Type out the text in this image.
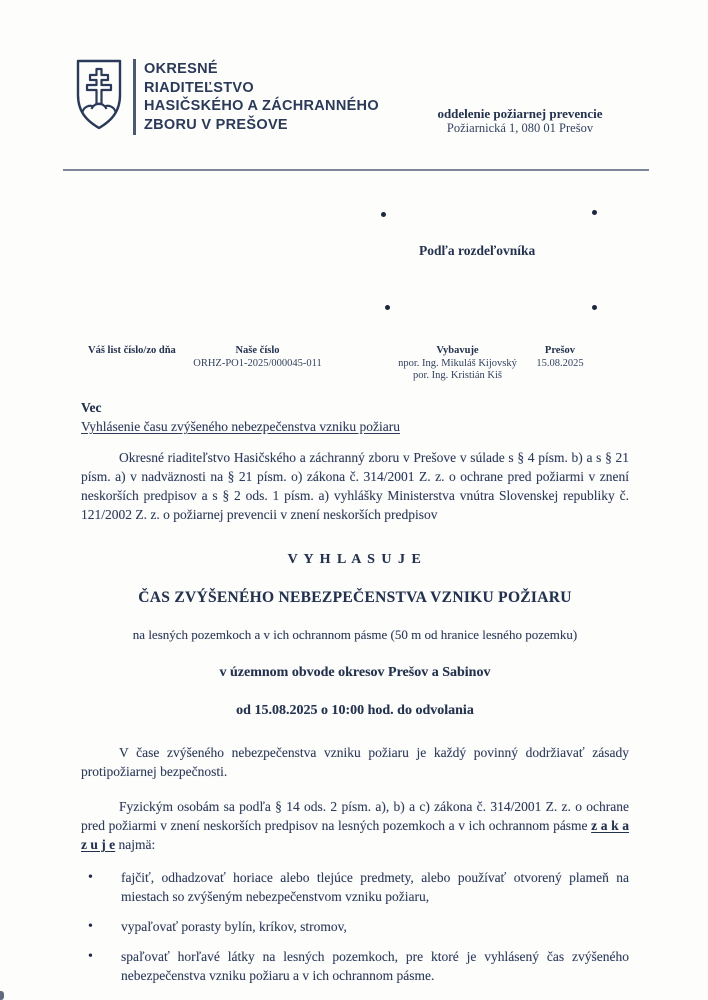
OKRESNÉ
RIADITEĽSTVO
HASIČSKÉHO A ZÁCHRANNÉHO
ZBORU V PREŠOVE
oddelenie požiarnej prevencie
Požiarnická 1, 080 01 Prešov
Podľa rozdeľovníka
Váš list číslo/zo dňa	Naše číslo
ORHZ-PO1-2025/000045-011
Vybavuje
npor. Ing. Mikuláš Kijovský
por. Ing. Kristián Kiš
Prešov
15.08.2025
Vec
Vyhlásenie času zvýšeného nebezpečenstva vzniku požiaru

Okresné riaditeľstvo Hasičského a záchranný zboru v Prešove v súlade s § 4 písm. b) a s § 21 písm. a) v nadväznosti na § 21 písm. o) zákona č. 314/2001 Z. z. o ochrane pred požiarmi v znení neskorších predpisov a s § 2 ods. 1 písm. a) vyhlášky Ministerstva vnútra Slovenskej republiky č. 121/2002 Z. z. o požiarnej prevencii v znení neskorších predpisov

V Y H L A S U J E

ČAS ZVÝŠENÉHO NEBEZPEČENSTVA VZNIKU POŽIARU

na lesných pozemkoch a v ich ochrannom pásme (50 m od hranice lesného pozemku)

v územnom obvode okresov Prešov a Sabinov

od 15.08.2025 o 10:00 hod. do odvolania

V čase zvýšeného nebezpečenstva vzniku požiaru je každý povinný dodržiavať zásady protipožiarnej bezpečnosti.

Fyzickým osobám sa podľa § 14 ods. 2 písm. a), b) a c) zákona č. 314/2001 Z. z. o ochrane pred požiarmi v znení neskorších predpisov na lesných pozemkoch a v ich ochrannom pásme z a k a z u j e najmä:

• fajčiť, odhadzovať horiace alebo tlejúce predmety, alebo používať otvorený plameň na miestach so zvýšeným nebezpečenstvom vzniku požiaru,
• vypaľovať porasty bylín, kríkov, stromov,
• spaľovať horľavé látky na lesných pozemkoch, pre ktoré je vyhlásený čas zvýšeného nebezpečenstva vzniku požiaru a v ich ochrannom pásme.
